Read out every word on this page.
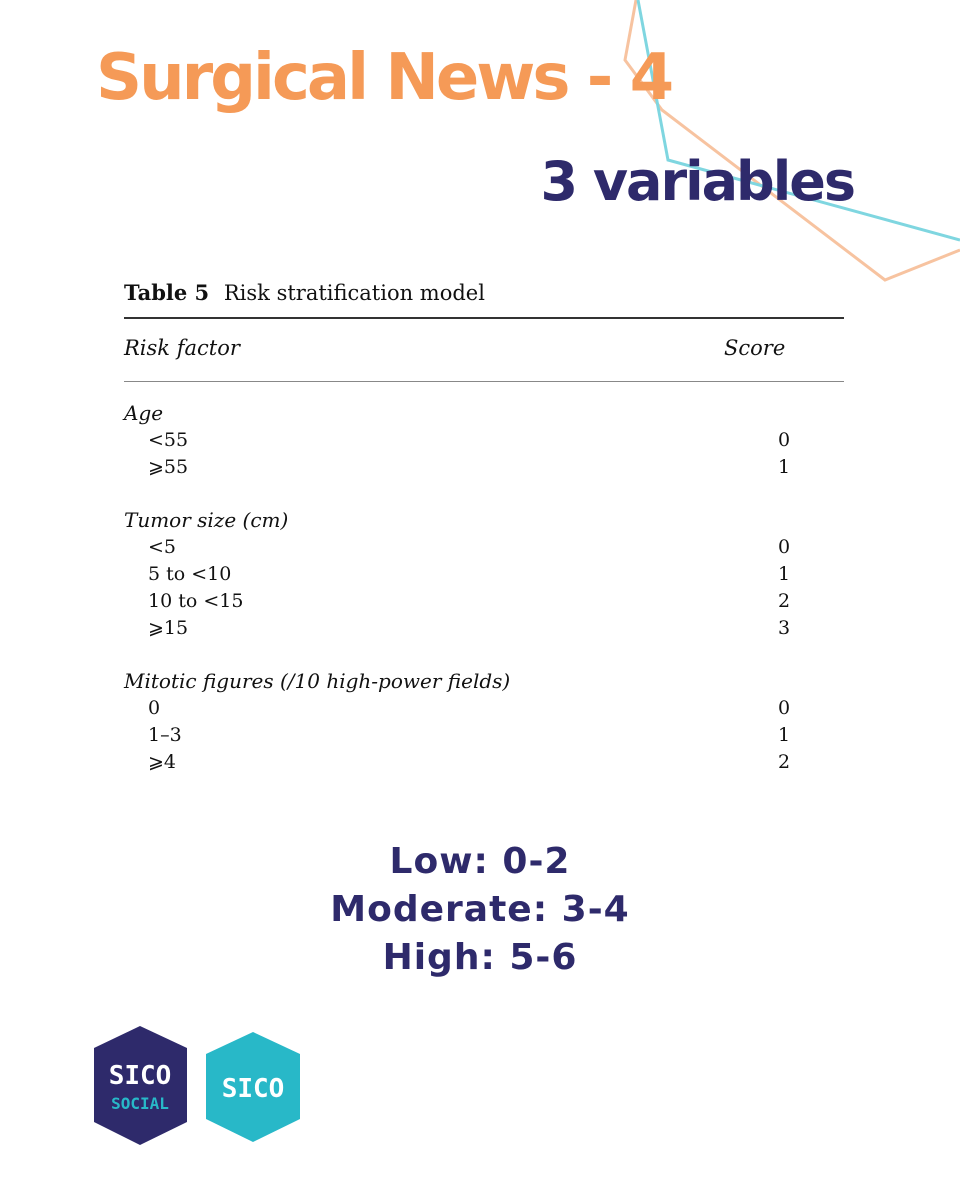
Surgical News - 4
3 variables
Table 5 Risk stratification model
Risk factor	Score
Age
<55	0
⩾55	1
Tumor size (cm)
<5	0
5 to <10	1
10 to <15	2
⩾15	3
Mitotic figures (/10 high-power fields)
0	0
1–3	1
⩾4	2
Low: 0-2
Moderate: 3-4
High: 5-6
SICO
SOCIAL SICO
